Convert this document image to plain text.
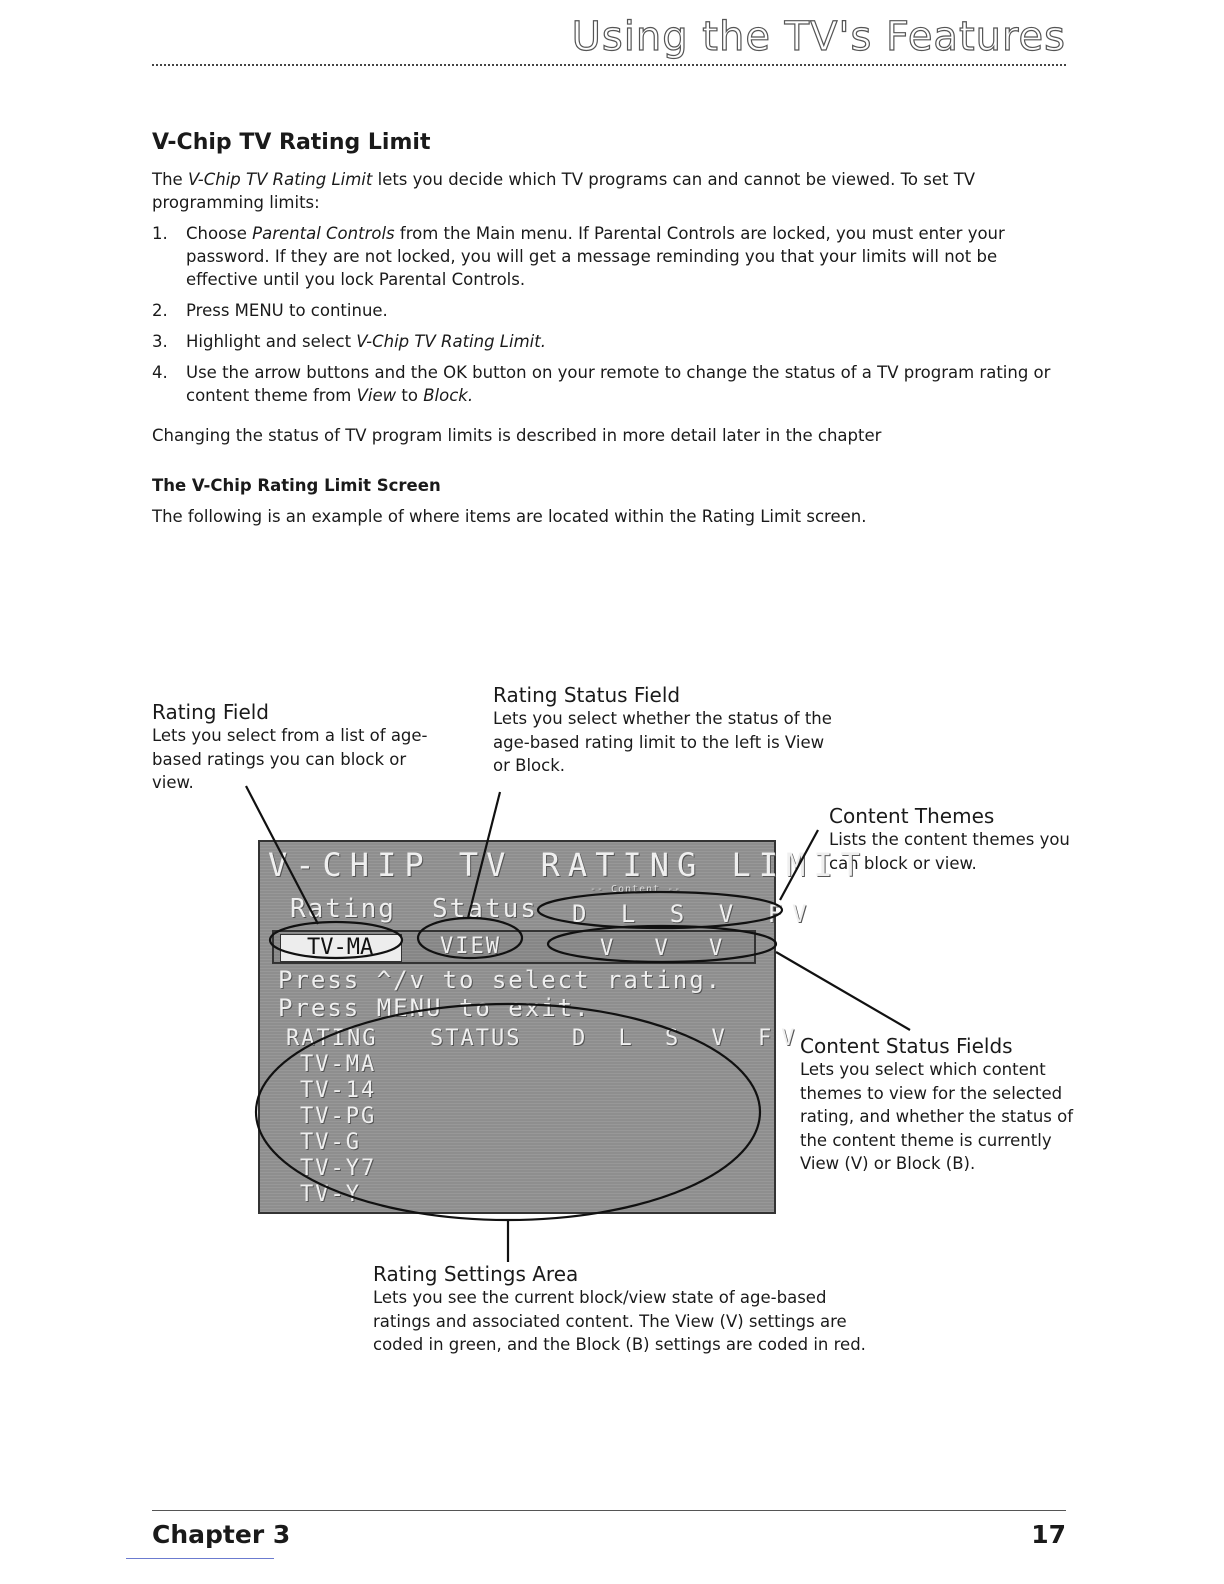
Using the TV's Features
V-Chip TV Rating Limit
The V-Chip TV Rating Limit lets you decide which TV programs can and cannot be viewed. To set TV programming limits:
1. Choose Parental Controls from the Main menu. If Parental Controls are locked, you must enter your password. If they are not locked, you will get a message reminding you that your limits will not be effective until you lock Parental Controls.
2. Press MENU to continue.
3. Highlight and select V-Chip TV Rating Limit.
4. Use the arrow buttons and the OK button on your remote to change the status of a TV program rating or content theme from View to Block.
Changing the status of TV program limits is described in more detail later in the chapter
The V-Chip Rating Limit Screen
The following is an example of where items are located within the Rating Limit screen.
Rating Field
Lets you select from a list of age-based ratings you can block or view.
Rating Status Field
Lets you select whether the status of the age-based rating limit to the left is View or Block.
Content Themes
Lists the content themes you can block or view.
Content Status Fields
Lets you select which content themes to view for the selected rating, and whether the status of the content theme is currently View (V) or Block (B).
Rating Settings Area
Lets you see the current block/view state of age-based ratings and associated content. The View (V) settings are coded in green, and the Block (B) settings are coded in red.
V-CHIP TV RATING LIMIT
-- Content --
Rating Status D L S V FV
TV-MA	VIEW	V V V
Press ^/v to select rating.
Press MENU to exit.
RATING STATUS D L S V FV
TV-MA
TV-14
TV-PG
TV-G
TV-Y7
TV-Y
Chapter 3	17
